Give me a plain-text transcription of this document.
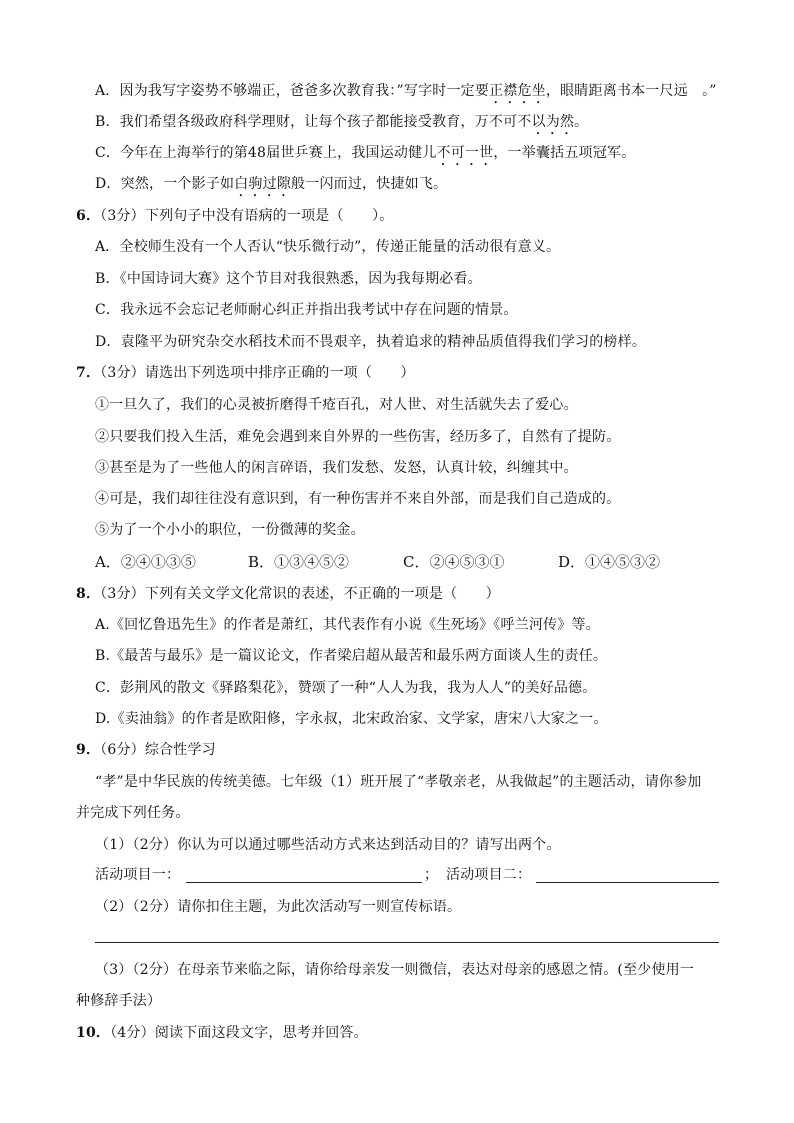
A．因为我写字姿势不够端正，爸爸多次教育我：”写字时一定要正襟危坐，眼睛距离书本一尺远　。”
B．我们希望各级政府科学理财，让每个孩子都能接受教育，万不可不以为然。
C．今年在上海举行的第48届世乒赛上，我国运动健儿不可一世，一举囊括五项冠军。
D．突然，一个影子如白驹过隙般一闪而过，快捷如飞。
6．（3分）下列句子中没有语病的一项是（　　）。
A．全校师生没有一个人否认“快乐微行动”，传递正能量的活动很有意义。
B．《中国诗词大赛》这个节目对我很熟悉，因为我每期必看。
C．我永远不会忘记老师耐心纠正并指出我考试中存在问题的情景。
D．袁隆平为研究杂交水稻技术而不畏艰辛，执着追求的精神品质值得我们学习的榜样。
7．（3分）请选出下列选项中排序正确的一项（　　）
①一旦久了，我们的心灵被折磨得千疮百孔，对人世、对生活就失去了爱心。
②只要我们投入生活，难免会遇到来自外界的一些伤害，经历多了，自然有了提防。
③甚至是为了一些他人的闲言碎语，我们发愁、发怒，认真计较，纠缠其中。
④可是，我们却往往没有意识到，有一种伤害并不来自外部，而是我们自己造成的。
⑤为了一个小小的职位，一份微薄的奖金。
A．②④①③⑤	B．①③④⑤②	C．②④⑤③①	D．①④⑤③②
8．（3分）下列有关文学文化常识的表述，不正确的一项是（　　）
A.《回忆鲁迅先生》的作者是萧红，其代表作有小说《生死场》《呼兰河传》等。
B.《最苦与最乐》是一篇议论文，作者梁启超从最苦和最乐两方面谈人生的责任。
C．彭荆风的散文《驿路梨花》，赞颂了一种“人人为我，我为人人”的美好品德。
D.《卖油翁》的作者是欧阳修，字永叔，北宋政治家、文学家，唐宋八大家之一。
9．（6分）综合性学习
“孝”是中华民族的传统美德。七年级（1）班开展了“孝敬亲老，从我做起”的主题活动，请你参加
并完成下列任务。
（1）（2分）你认为可以通过哪些活动方式来达到活动目的？请写出两个。
活动项目一：	； 活动项目二：
（2）（2分）请你扣住主题，为此次活动写一则宣传标语。
（3）（2分）在母亲节来临之际，请你给母亲发一则微信，表达对母亲的感恩之情。(至少使用一
种修辞手法）
10．（4分）阅读下面这段文字，思考并回答。
